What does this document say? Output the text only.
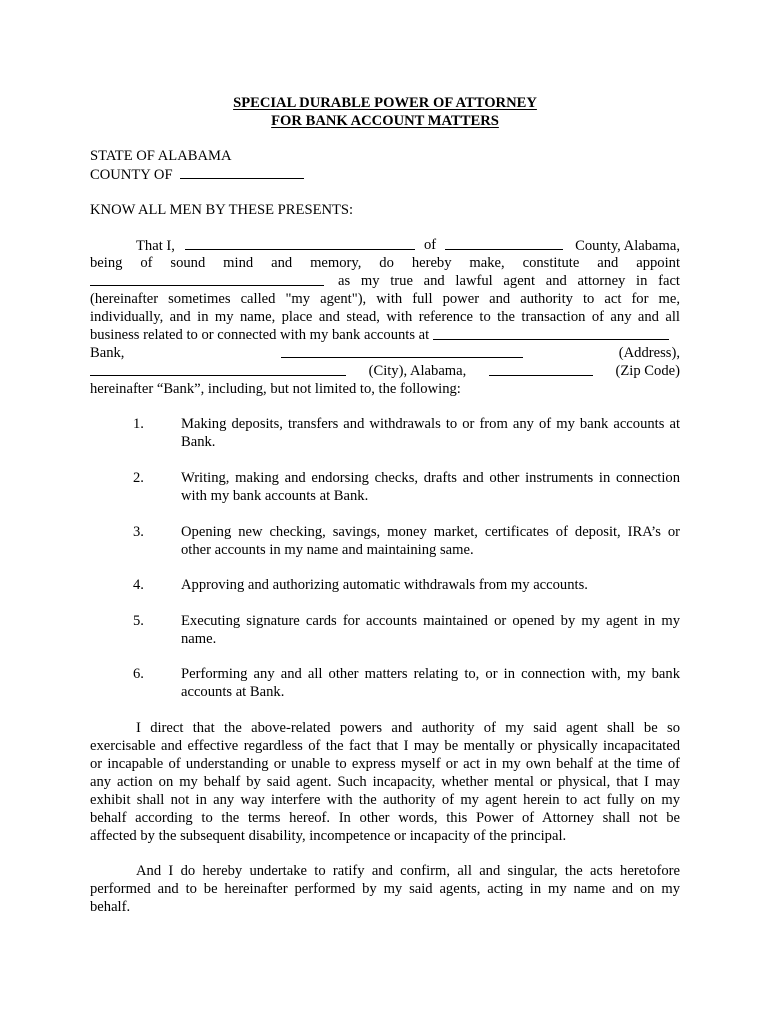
SPECIAL DURABLE POWER OF ATTORNEY
FOR BANK ACCOUNT MATTERS
STATE OF ALABAMA
COUNTY OF
KNOW ALL MEN BY THESE PRESENTS:
That I,	of	County, Alabama,
being of sound mind and memory, do hereby make, constitute and appoint
as my true and lawful agent and attorney in fact
(hereinafter sometimes called "my agent"), with full power and authority to act for me,
individually, and in my name, place and stead, with reference to the transaction of any and all
business related to or connected with my bank accounts at
Bank,	(Address),
(City), Alabama,	(Zip Code)
hereinafter “Bank”, including, but not limited to, the following:
1.	Making deposits, transfers and withdrawals to or from any of my bank accounts at
Bank.
2.	Writing, making and endorsing checks, drafts and other instruments in connection
with my bank accounts at Bank.
3.	Opening new checking, savings, money market, certificates of deposit, IRA’s or
other accounts in my name and maintaining same.
4.	Approving and authorizing automatic withdrawals from my accounts.
5.	Executing signature cards for accounts maintained or opened by my agent in my
name.
6.	Performing any and all other matters relating to, or in connection with, my bank
accounts at Bank.
I direct that the above-related powers and authority of my said agent shall be so
exercisable and effective regardless of the fact that I may be mentally or physically incapacitated
or incapable of understanding or unable to express myself or act in my own behalf at the time of
any action on my behalf by said agent. Such incapacity, whether mental or physical, that I may
exhibit shall not in any way interfere with the authority of my agent herein to act fully on my
behalf according to the terms hereof. In other words, this Power of Attorney shall not be
affected by the subsequent disability, incompetence or incapacity of the principal.
And I do hereby undertake to ratify and confirm, all and singular, the acts heretofore
performed and to be hereinafter performed by my said agents, acting in my name and on my
behalf.
